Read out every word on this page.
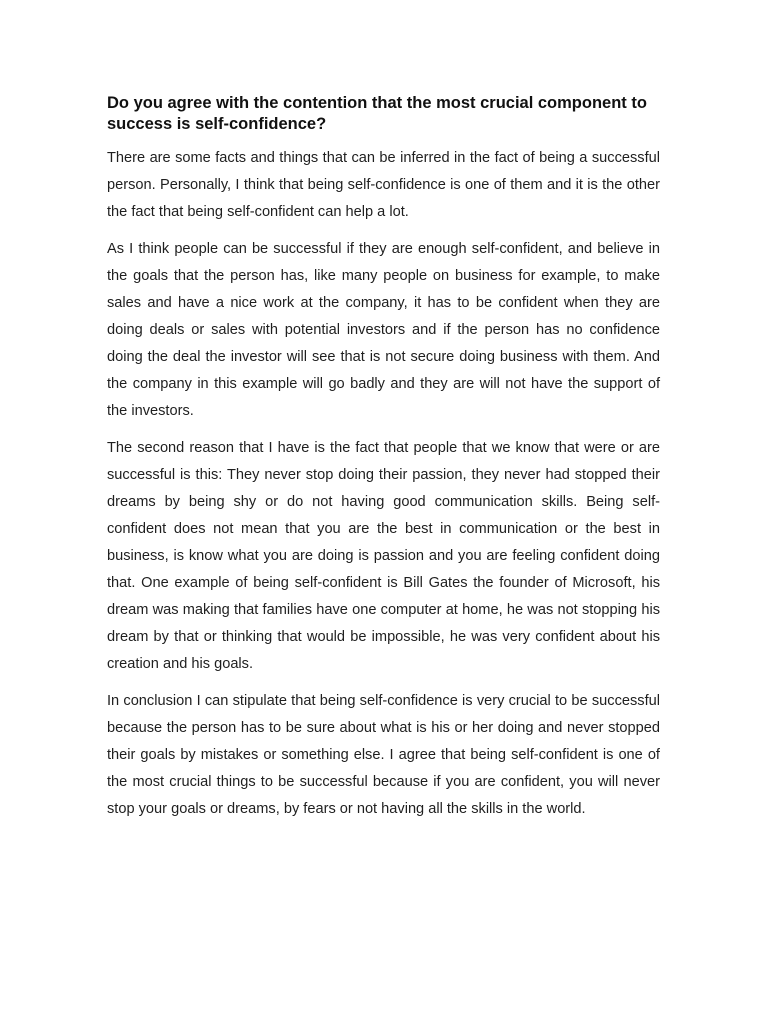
Do you agree with the contention that the most crucial component to success is self-confidence?

There are some facts and things that can be inferred in the fact of being a successful person. Personally, I think that being self-confidence is one of them and it is the other the fact that being self-confident can help a lot.

As I think people can be successful if they are enough self-confident, and believe in the goals that the person has, like many people on business for example, to make sales and have a nice work at the company, it has to be confident when they are doing deals or sales with potential investors and if the person has no confidence doing the deal the investor will see that is not secure doing business with them. And the company in this example will go badly and they are will not have the support of the investors.

The second reason that I have is the fact that people that we know that were or are successful is this: They never stop doing their passion, they never had stopped their dreams by being shy or do not having good communication skills. Being self-confident does not mean that you are the best in communication or the best in business, is know what you are doing is passion and you are feeling confident doing that. One example of being self-confident is Bill Gates the founder of Microsoft, his dream was making that families have one computer at home, he was not stopping his dream by that or thinking that would be impossible, he was very confident about his creation and his goals.

In conclusion I can stipulate that being self-confidence is very crucial to be successful because the person has to be sure about what is his or her doing and never stopped their goals by mistakes or something else. I agree that being self-confident is one of the most crucial things to be successful because if you are confident, you will never stop your goals or dreams, by fears or not having all the skills in the world.
